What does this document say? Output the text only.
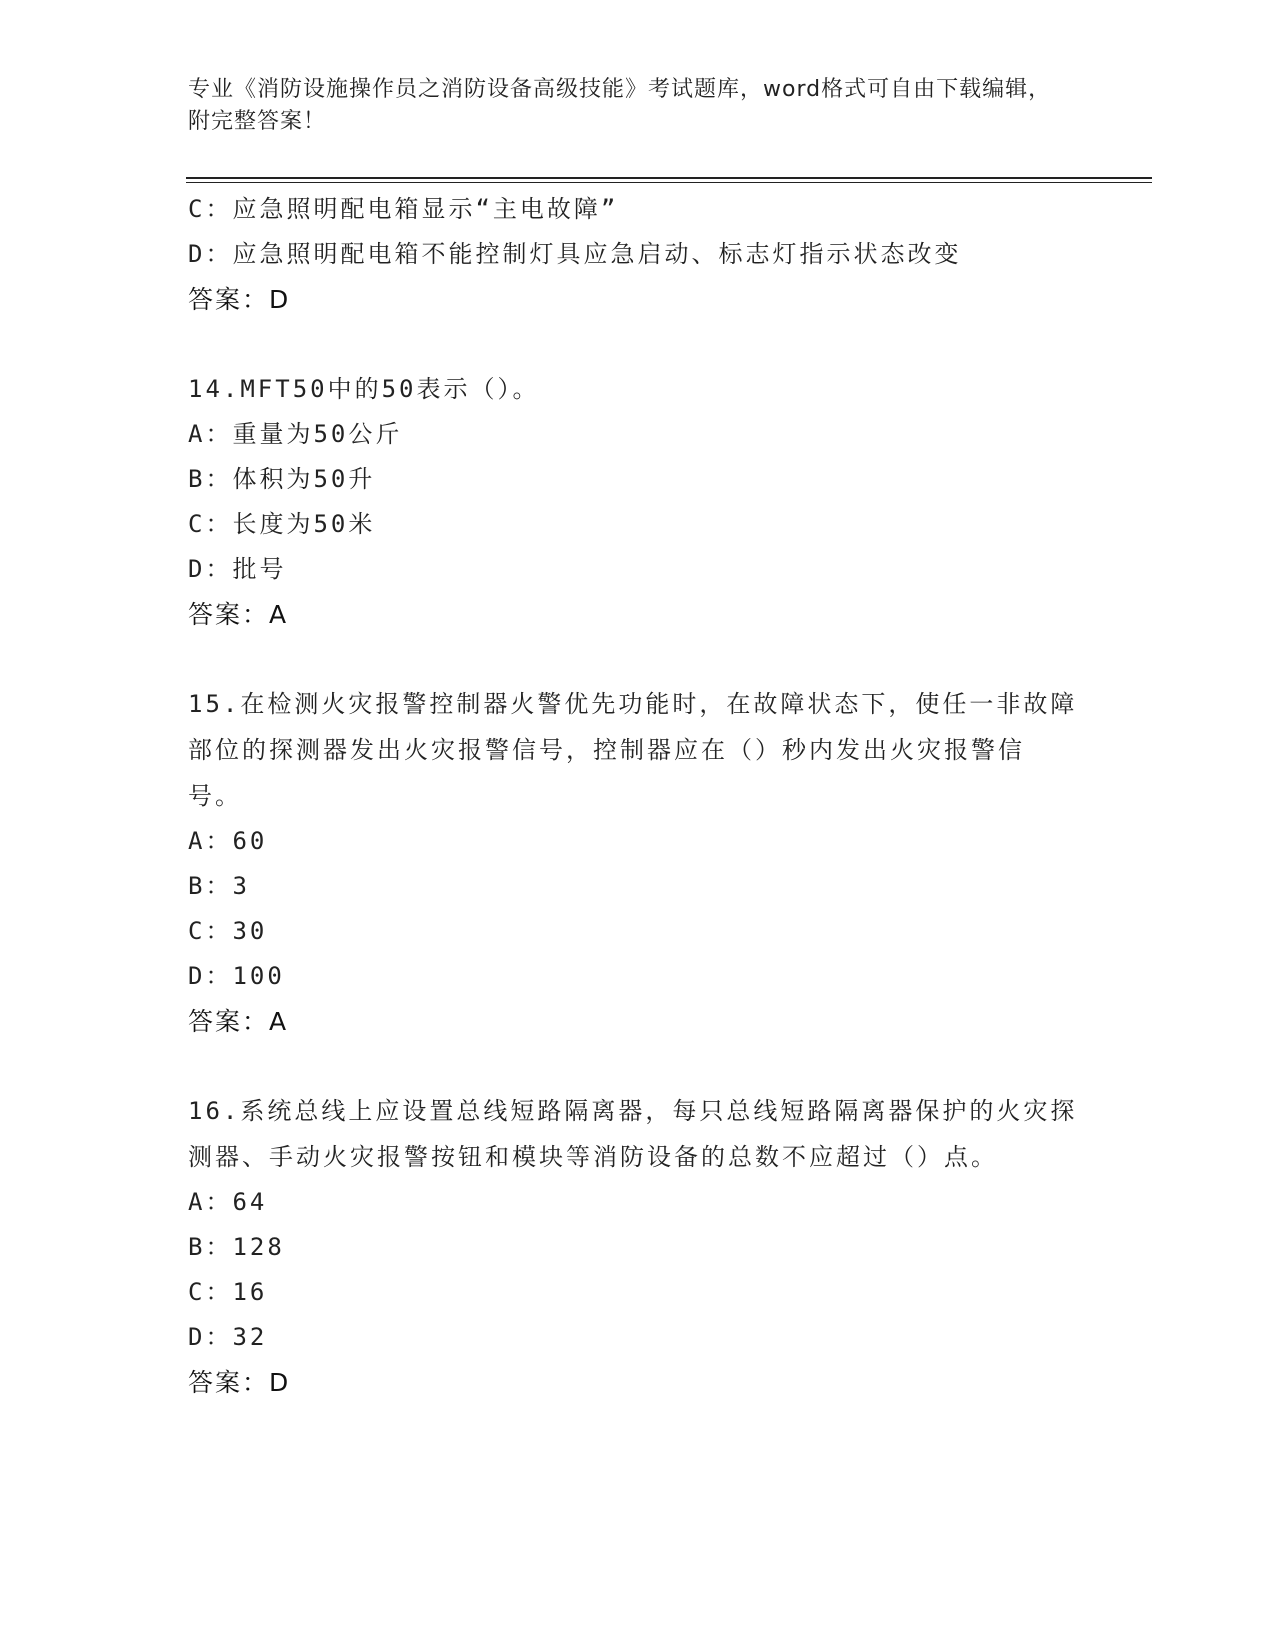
专业《消防设施操作员之消防设备高级技能》考试题库，word格式可自由下载编辑，附完整答案！
C：应急照明配电箱显示“主电故障”
D：应急照明配电箱不能控制灯具应急启动、标志灯指示状态改变
答案：D
14.MFT50中的50表示（）。
A：重量为50公斤
B：体积为50升
C：长度为50米
D：批号
答案：A
15.在检测火灾报警控制器火警优先功能时，在故障状态下，使任一非故障部位的探测器发出火灾报警信号，控制器应在（）秒内发出火灾报警信号。
A：60
B：3
C：30
D：100
答案：A
16.系统总线上应设置总线短路隔离器，每只总线短路隔离器保护的火灾探测器、手动火灾报警按钮和模块等消防设备的总数不应超过（）点。
A：64
B：128
C：16
D：32
答案：D
